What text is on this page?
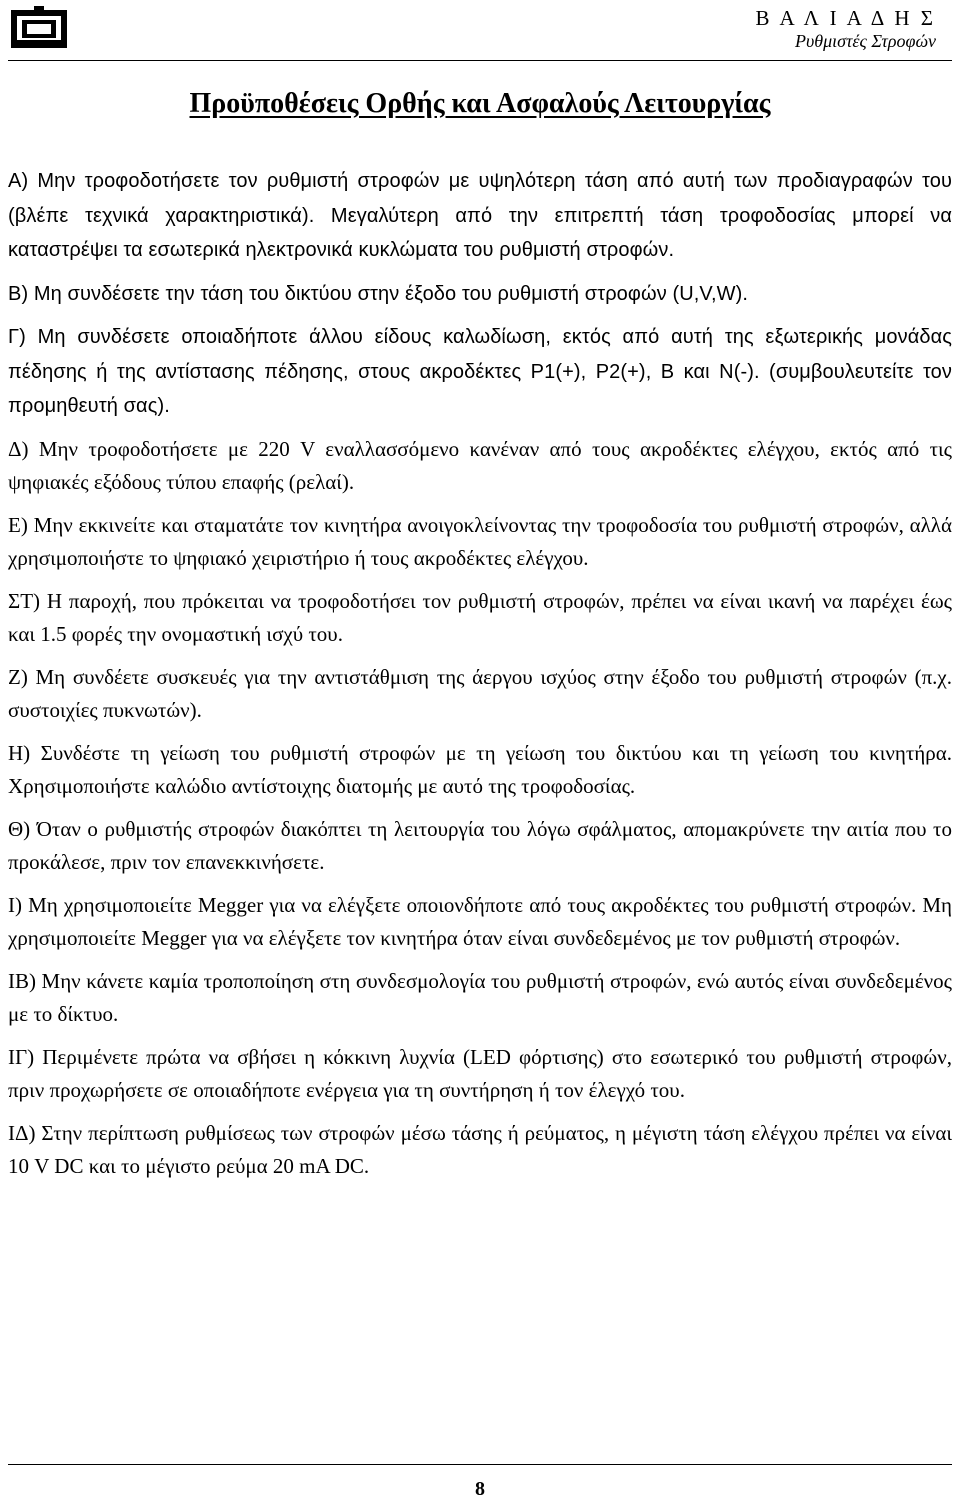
Β Α Λ Ι Α Δ Η Σ
Ρυθμιστές Στροφών
Προϋποθέσεις Ορθής και Ασφαλούς Λειτουργίας

Α) Μην τροφοδοτήσετε τον ρυθμιστή στροφών με υψηλότερη τάση από αυτή των προδιαγραφών του (βλέπε τεχνικά χαρακτηριστικά). Μεγαλύτερη από την επιτρεπτή τάση τροφοδοσίας μπορεί να καταστρέψει τα εσωτερικά ηλεκτρονικά κυκλώματα του ρυθμιστή στροφών.

Β) Μη συνδέσετε την τάση του δικτύου στην έξοδο του ρυθμιστή στροφών (U,V,W).

Γ) Μη συνδέσετε οποιαδήποτε άλλου είδους καλωδίωση, εκτός από αυτή της εξωτερικής μονάδας πέδησης ή της αντίστασης πέδησης, στους ακροδέκτες P1(+), P2(+), B και N(-). (συμβουλευτείτε τον προμηθευτή σας).

Δ) Μην τροφοδοτήσετε με 220 V εναλλασσόμενο κανέναν από τους ακροδέκτες ελέγχου, εκτός από τις ψηφιακές εξόδους τύπου επαφής (ρελαί).

Ε) Μην εκκινείτε και σταματάτε τον κινητήρα ανοιγοκλείνοντας την τροφοδοσία του ρυθμιστή στροφών, αλλά χρησιμοποιήστε το ψηφιακό χειριστήριο ή τους ακροδέκτες ελέγχου.

ΣΤ) Η παροχή, που πρόκειται να τροφοδοτήσει τον ρυθμιστή στροφών, πρέπει να είναι ικανή να παρέχει έως και 1.5 φορές την ονομαστική ισχύ του.

Ζ) Μη συνδέετε συσκευές για την αντιστάθμιση της άεργου ισχύος στην έξοδο του ρυθμιστή στροφών (π.χ. συστοιχίες πυκνωτών).

Η) Συνδέστε τη γείωση του ρυθμιστή στροφών με τη γείωση του δικτύου και τη γείωση του κινητήρα. Χρησιμοποιήστε καλώδιο αντίστοιχης διατομής με αυτό της τροφοδοσίας.

Θ) Όταν ο ρυθμιστής στροφών διακόπτει τη λειτουργία του λόγω σφάλματος, απομακρύνετε την αιτία που το προκάλεσε, πριν τον επανεκκινήσετε.

Ι) Μη χρησιμοποιείτε Megger για να ελέγξετε οποιονδήποτε από τους ακροδέκτες του ρυθμιστή στροφών. Μη χρησιμοποιείτε Megger για να ελέγξετε τον κινητήρα όταν είναι συνδεδεμένος με τον ρυθμιστή στροφών.

ΙΒ) Μην κάνετε καμία τροποποίηση στη συνδεσμολογία του ρυθμιστή στροφών, ενώ αυτός είναι συνδεδεμένος με το δίκτυο.

ΙΓ) Περιμένετε πρώτα να σβήσει η κόκκινη λυχνία (LED φόρτισης) στο εσωτερικό του ρυθμιστή στροφών, πριν προχωρήσετε σε οποιαδήποτε ενέργεια για τη συντήρηση ή τον έλεγχό του.

ΙΔ) Στην περίπτωση ρυθμίσεως των στροφών μέσω τάσης ή ρεύματος, η μέγιστη τάση ελέγχου πρέπει να είναι 10 V DC και το μέγιστο ρεύμα 20 mA DC.

8
